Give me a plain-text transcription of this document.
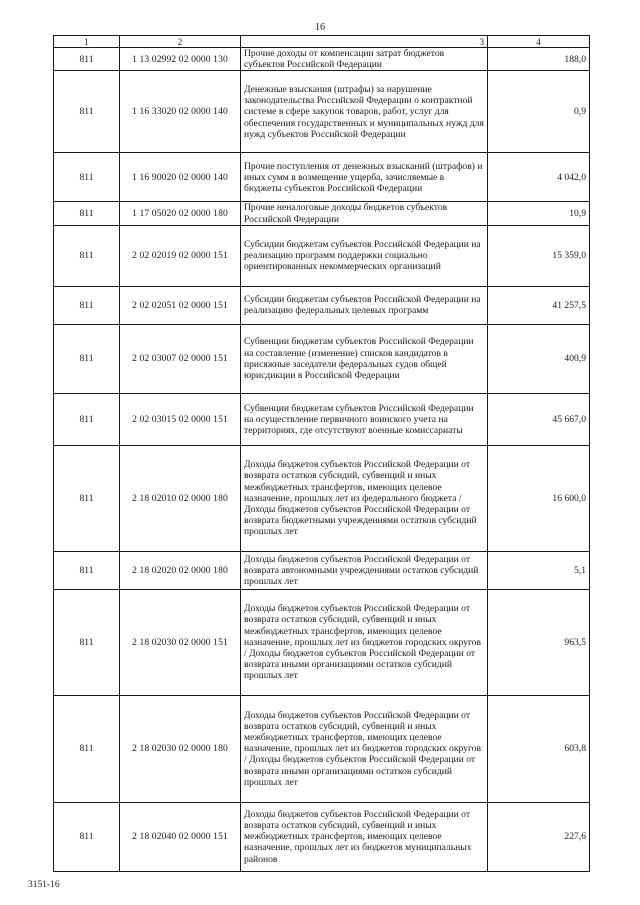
16
1	2	3	4
811	1 13 02992 02 0000 130	Прочие доходы от компенсации затрат бюджетов субъектов Российской Федерации	188,0
811	1 16 33020 02 0000 140	Денежные взыскания (штрафы) за нарушение законодательства Российской Федерации о контрактной системе в сфере закупок товаров, работ, услуг для обеспечения государственных и муниципальных нужд для нужд субъектов Российской Федерации	0,9
811	1 16 90020 02 0000 140	Прочие поступления от денежных взысканий (штрафов) и иных сумм в возмещение ущерба, зачисляемые в бюджеты субъектов Российской Федерации	4 042,0
811	1 17 05020 02 0000 180	Прочие неналоговые доходы бюджетов субъектов Российской Федерации	10,9
811	2 02 02019 02 0000 151	Субсидии бюджетам субъектов Российской Федерации на реализацию программ поддержки социально ориентированных некоммерческих организаций	15 359,0
811	2 02 02051 02 0000 151	Субсидии бюджетам субъектов Российской Федерации на реализацию федеральных целевых программ	41 257,5
811	2 02 03007 02 0000 151	Субвенции бюджетам субъектов Российской Федерации на составление (изменение) списков кандидатов в присяжные заседатели федеральных судов общей юрисдикции в Российской Федерации	400,9
811	2 02 03015 02 0000 151	Субвенции бюджетам субъектов Российской Федерации на осуществление первичного воинского учета на территориях, где отсутствуют военные комиссариаты	45 667,0
811	2 18 02010 02 0000 180	Доходы бюджетов субъектов Российской Федерации от возврата остатков субсидий, субвенций и иных межбюджетных трансфертов, имеющих целевое назначение, прошлых лет из федерального бюджета / Доходы бюджетов субъектов Российской Федерации от возврата бюджетными учреждениями остатков субсидий прошлых лет	16 600,0
811	2 18 02020 02 0000 180	Доходы бюджетов субъектов Российской Федерации от возврата автономными учреждениями остатков субсидий прошлых лет	5,1
811	2 18 02030 02 0000 151	Доходы бюджетов субъектов Российской Федерации от возврата остатков субсидий, субвенций и иных межбюджетных трансфертов, имеющих целевое назначение, прошлых лет из бюджетов городских округов / Доходы бюджетов субъектов Российской Федерации от возврата иными организациями остатков субсидий прошлых лет	963,5
811	2 18 02030 02 0000 180	Доходы бюджетов субъектов Российской Федерации от возврата остатков субсидий, субвенций и иных межбюджетных трансфертов, имеющих целевое назначение, прошлых лет из бюджетов городских округов / Доходы бюджетов субъектов Российской Федерации от возврата иными организациями остатков субсидий прошлых лет	603,8
811	2 18 02040 02 0000 151	Доходы бюджетов субъектов Российской Федерации от возврата остатков субсидий, субвенций и иных межбюджетных трансфертов, имеющих целевое назначение, прошлых лет из бюджетов муниципальных районов	227,6
3151-16
